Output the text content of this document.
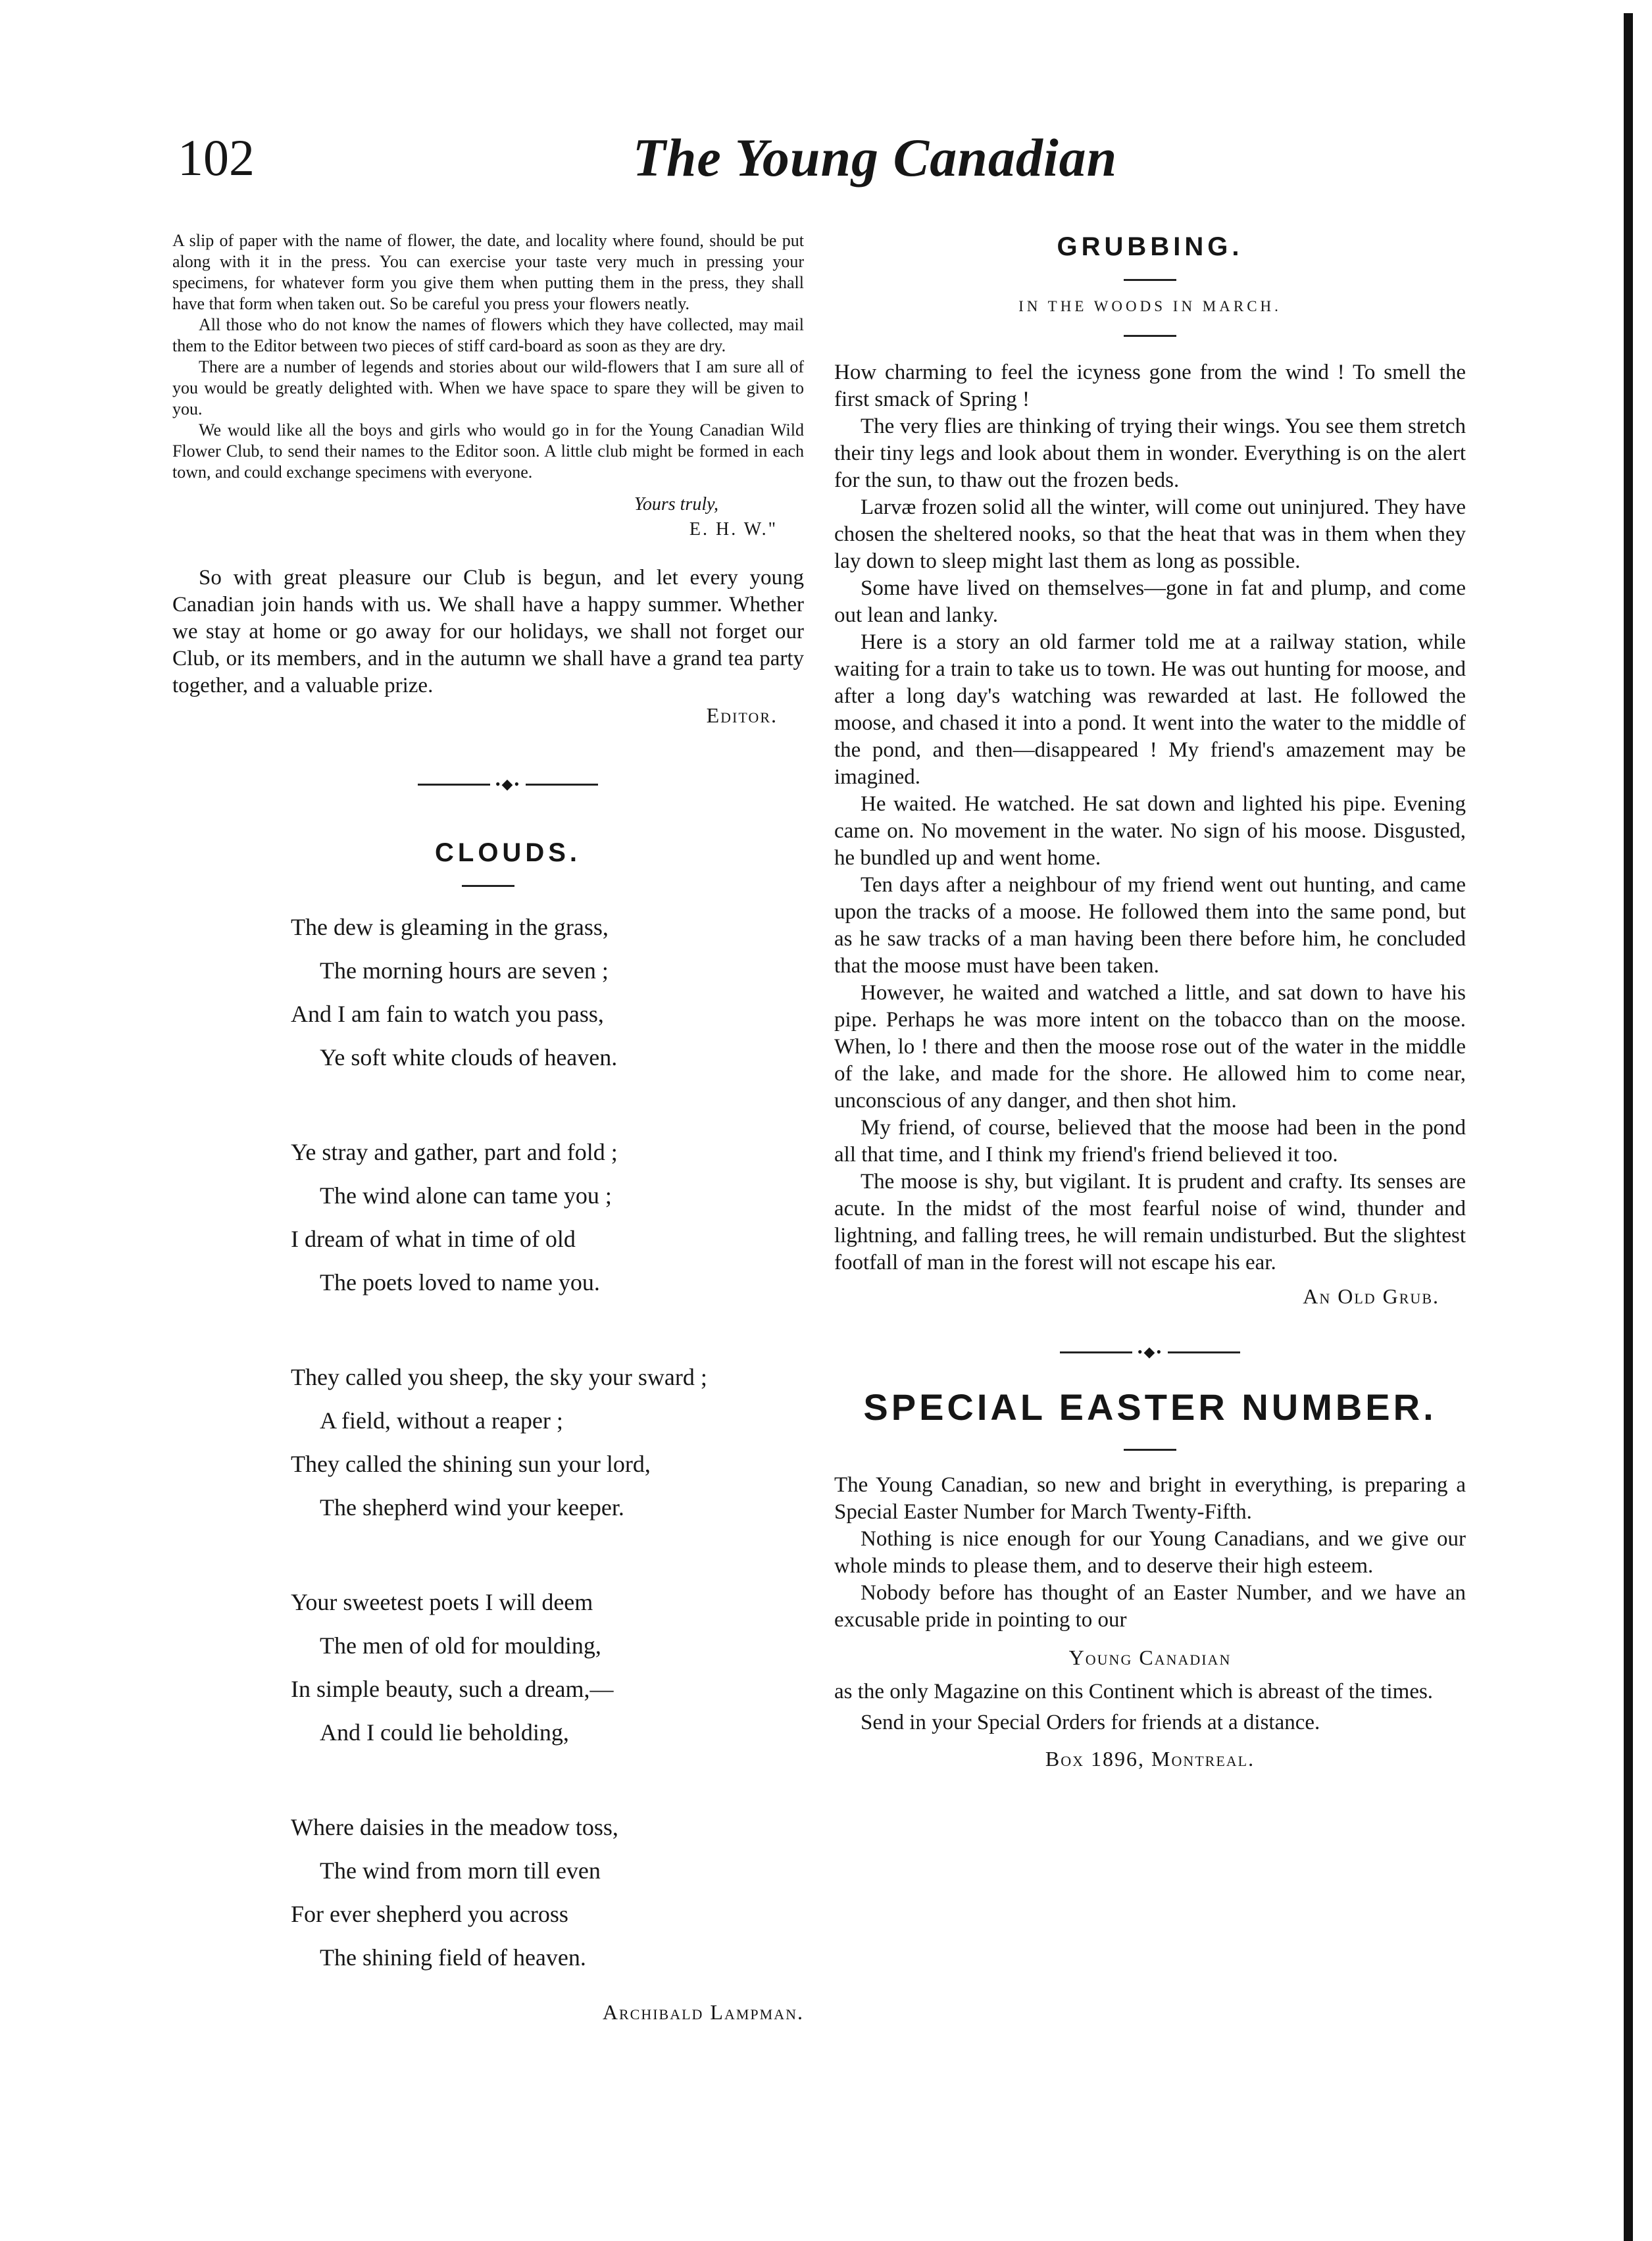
102	The Young Canadian

A slip of paper with the name of flower, the date, and locality where found, should be put along with it in the press. You can exercise your taste very much in pressing your specimens, for whatever form you give them when putting them in the press, they shall have that form when taken out. So be careful you press your flowers neatly.

All those who do not know the names of flowers which they have collected, may mail them to the Editor between two pieces of stiff card-board as soon as they are dry.

There are a number of legends and stories about our wild-flowers that I am sure all of you would be greatly delighted with. When we have space to spare they will be given to you.

We would like all the boys and girls who would go in for the Young Canadian Wild Flower Club, to send their names to the Editor soon. A little club might be formed in each town, and could exchange specimens with everyone.

Yours truly,

E. H. W."

So with great pleasure our Club is begun, and let every young Canadian join hands with us. We shall have a happy summer. Whether we stay at home or go away for our holidays, we shall not forget our Club, or its members, and in the autumn we shall have a grand tea party together, and a valuable prize.

Editor.

•◆•
CLOUDS.
The dew is gleaming in the grass,
The morning hours are seven ;
And I am fain to watch you pass,
Ye soft white clouds of heaven.
Ye stray and gather, part and fold ;
The wind alone can tame you ;
I dream of what in time of old
The poets loved to name you.
They called you sheep, the sky your sward ;
A field, without a reaper ;
They called the shining sun your lord,
The shepherd wind your keeper.
Your sweetest poets I will deem
The men of old for moulding,
In simple beauty, such a dream,—
And I could lie beholding,
Where daisies in the meadow toss,
The wind from morn till even
For ever shepherd you across
The shining field of heaven.

Archibald Lampman.

GRUBBING.

IN THE WOODS IN MARCH.

How charming to feel the icyness gone from the wind ! To smell the first smack of Spring !

The very flies are thinking of trying their wings. You see them stretch their tiny legs and look about them in wonder. Everything is on the alert for the sun, to thaw out the frozen beds.

Larvæ frozen solid all the winter, will come out uninjured. They have chosen the sheltered nooks, so that the heat that was in them when they lay down to sleep might last them as long as possible.

Some have lived on themselves—gone in fat and plump, and come out lean and lanky.

Here is a story an old farmer told me at a railway station, while waiting for a train to take us to town. He was out hunting for moose, and after a long day's watching was rewarded at last. He followed the moose, and chased it into a pond. It went into the water to the middle of the pond, and then—disappeared ! My friend's amazement may be imagined.

He waited. He watched. He sat down and lighted his pipe. Evening came on. No movement in the water. No sign of his moose. Disgusted, he bundled up and went home.

Ten days after a neighbour of my friend went out hunting, and came upon the tracks of a moose. He followed them into the same pond, but as he saw tracks of a man having been there before him, he concluded that the moose must have been taken.

However, he waited and watched a little, and sat down to have his pipe. Perhaps he was more intent on the tobacco than on the moose. When, lo ! there and then the moose rose out of the water in the middle of the lake, and made for the shore. He allowed him to come near, unconscious of any danger, and then shot him.

My friend, of course, believed that the moose had been in the pond all that time, and I think my friend's friend believed it too.

The moose is shy, but vigilant. It is prudent and crafty. Its senses are acute. In the midst of the most fearful noise of wind, thunder and lightning, and falling trees, he will remain undisturbed. But the slightest footfall of man in the forest will not escape his ear.

An Old Grub.

•◆•
SPECIAL EASTER NUMBER.

The Young Canadian, so new and bright in everything, is preparing a Special Easter Number for March Twenty-Fifth.

Nothing is nice enough for our Young Canadians, and we give our whole minds to please them, and to deserve their high esteem.

Nobody before has thought of an Easter Number, and we have an excusable pride in pointing to our

Young Canadian

as the only Magazine on this Continent which is abreast of the times.

Send in your Special Orders for friends at a distance.

Box 1896, Montreal.
